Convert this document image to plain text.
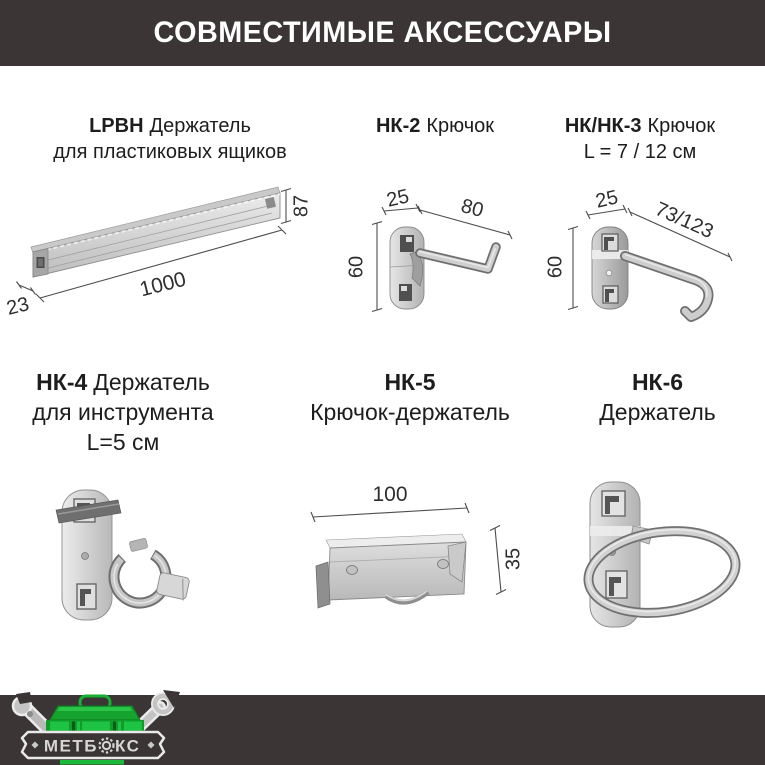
СОВМЕСТИМЫЕ АКСЕССУАРЫ
LPBH Держатель
для пластиковых ящиков
НК-2 Крючок	НК/НК-3 Крючок
L = 7 / 12 см
87
1000
23
25 80
60
25 73/123
60
НК-4 Держатель
для инструмента
L=5 см
НК-5
Крючок-держатель
НК-6
Держатель
100
35
МЕТБ КС
